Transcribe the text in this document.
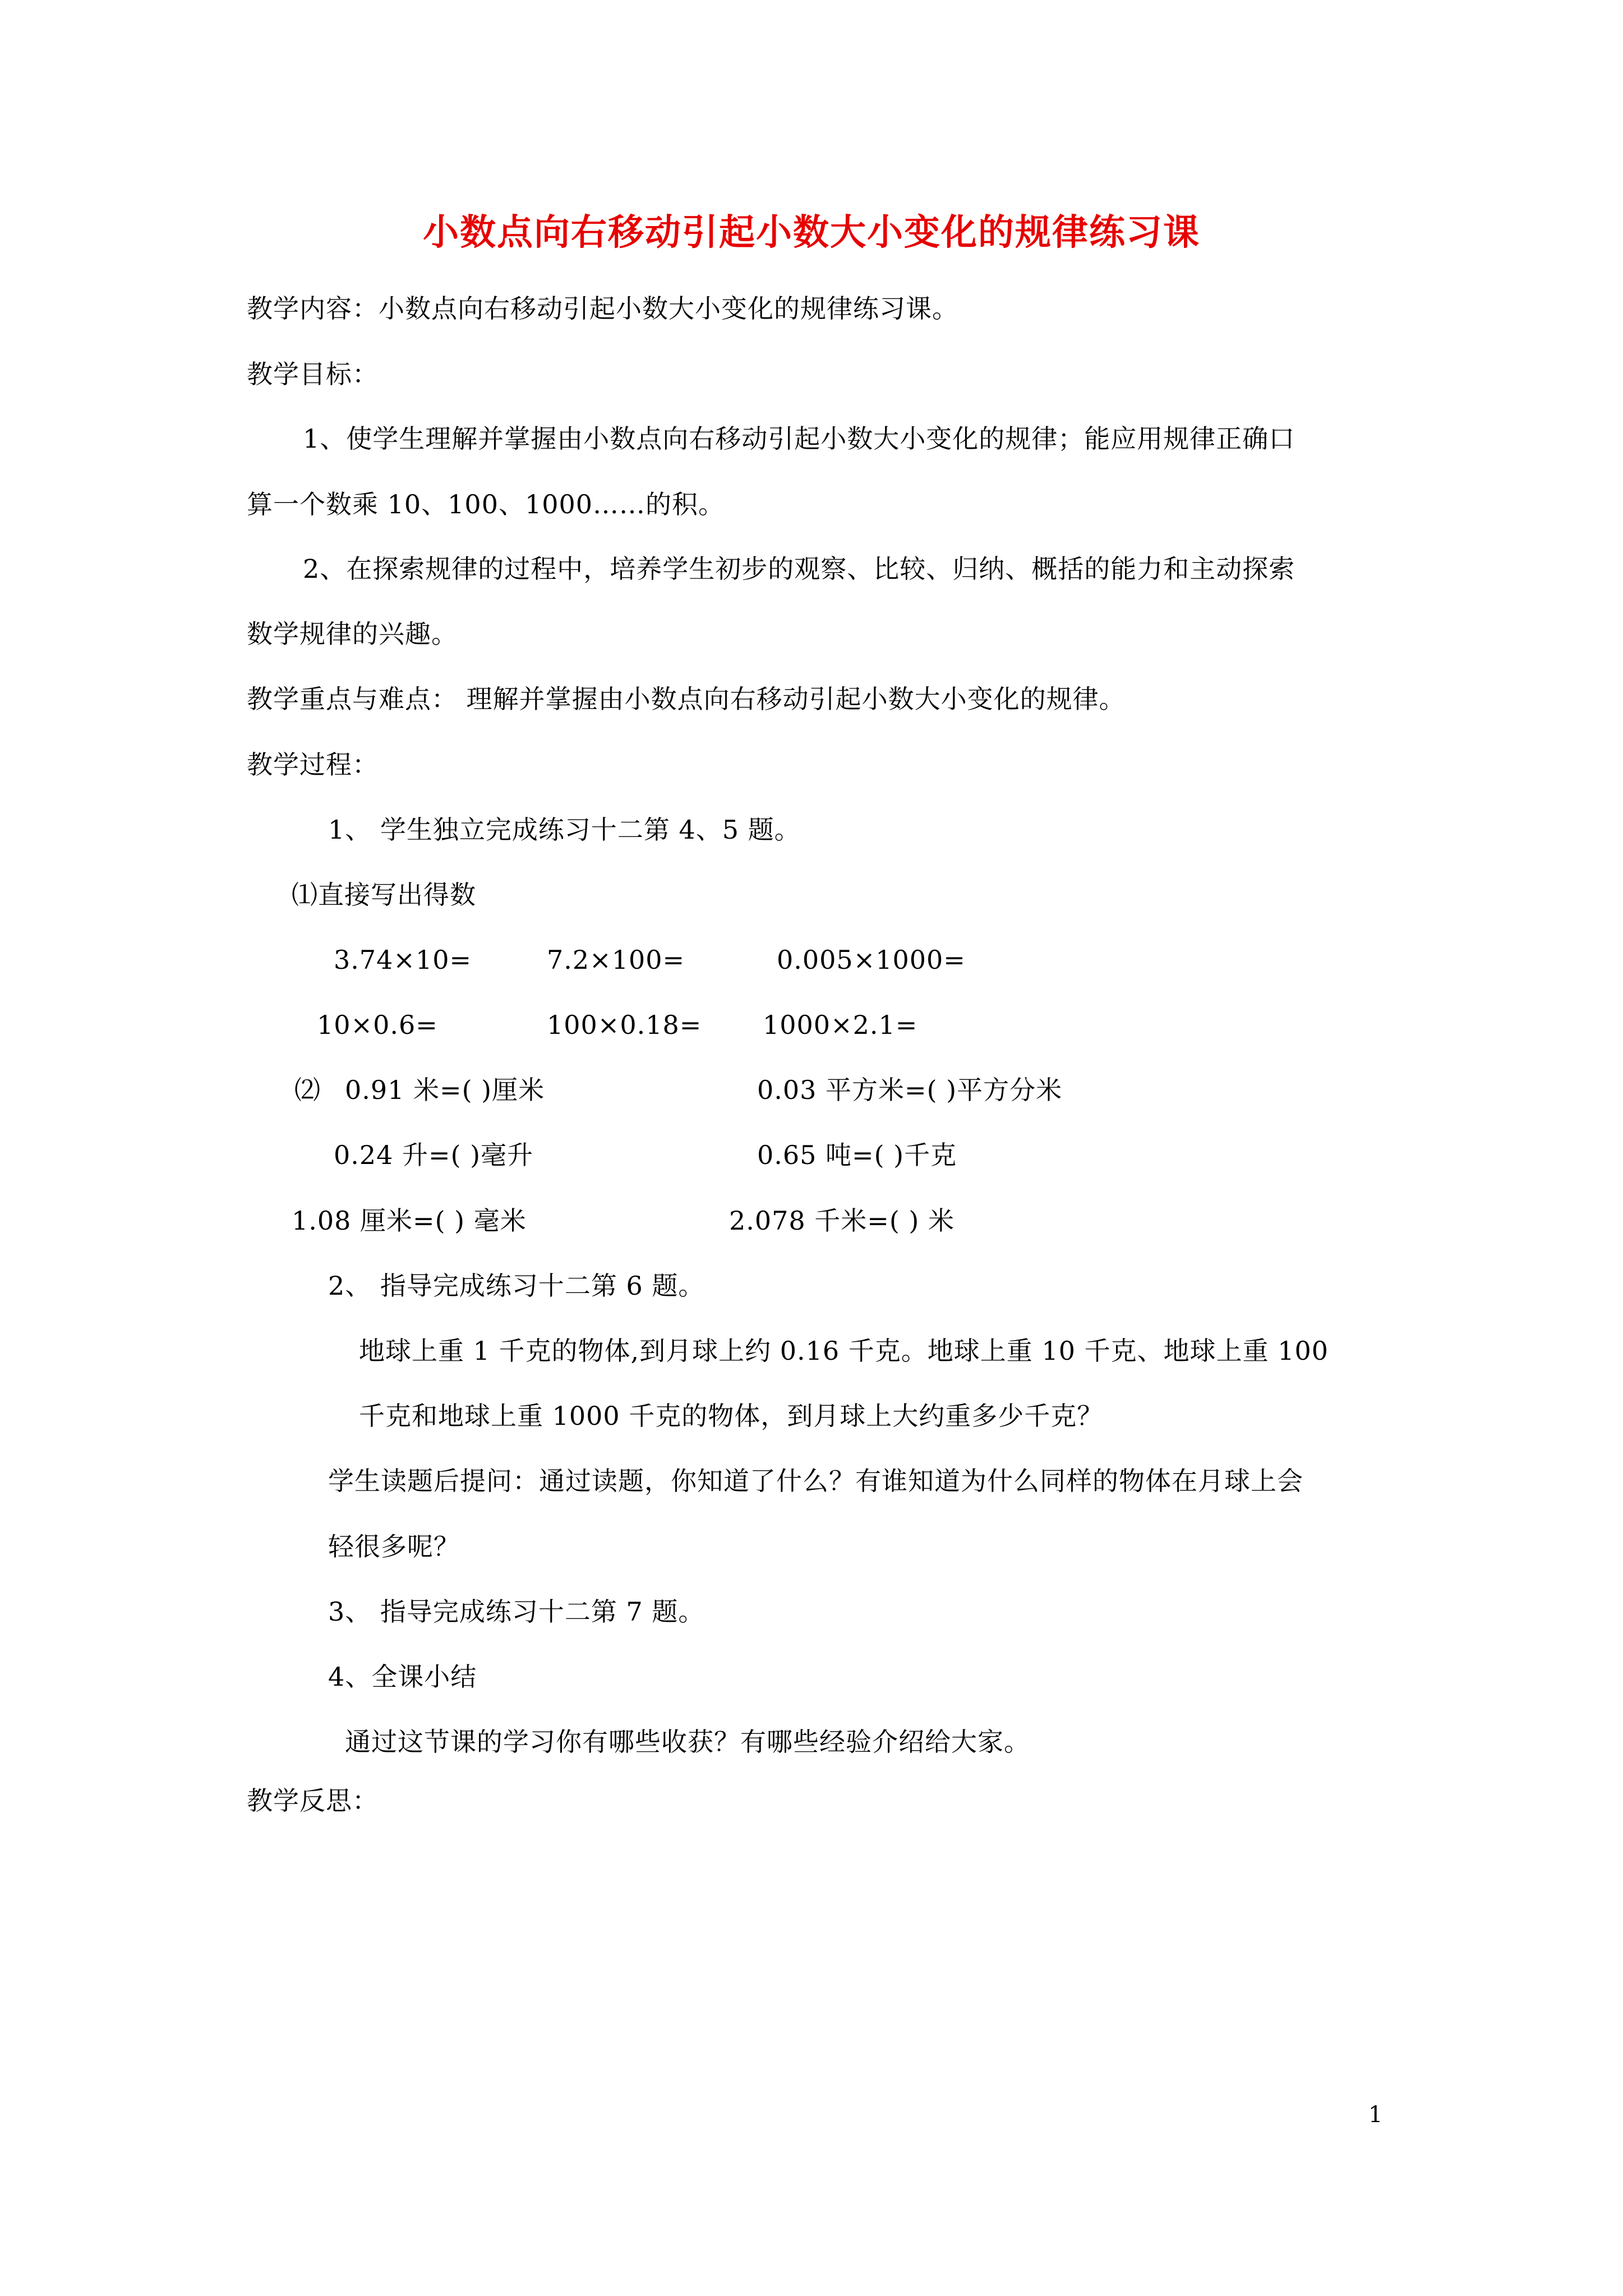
小数点向右移动引起小数大小变化的规律练习课
教学内容：小数点向右移动引起小数大小变化的规律练习课。
教学目标：
1、使学生理解并掌握由小数点向右移动引起小数大小变化的规律；能应用规律正确口
算一个数乘 10、100、1000……的积。
2、在探索规律的过程中，培养学生初步的观察、比较、归纳、概括的能力和主动探索
数学规律的兴趣。
教学重点与难点： 理解并掌握由小数点向右移动引起小数大小变化的规律。
教学过程：
1、 学生独立完成练习十二第 4、5 题。
⑴直接写出得数
3.74×10=	7.2×100=	0.005×1000=
10×0.6=	100×0.18= 1000×2.1=
⑵ 0.91 米=( )厘米	0.03 平方米=( )平方分米
0.24 升=( )毫升	0.65 吨=( )千克
1.08 厘米=( ) 毫米	2.078 千米=( ) 米
2、 指导完成练习十二第 6 题。
地球上重 1 千克的物体,到月球上约 0.16 千克。地球上重 10 千克、地球上重 100
千克和地球上重 1000 千克的物体，到月球上大约重多少千克？
学生读题后提问：通过读题，你知道了什么？有谁知道为什么同样的物体在月球上会
轻很多呢？
3、 指导完成练习十二第 7 题。
4、全课小结
通过这节课的学习你有哪些收获？有哪些经验介绍给大家。
教学反思：
1
